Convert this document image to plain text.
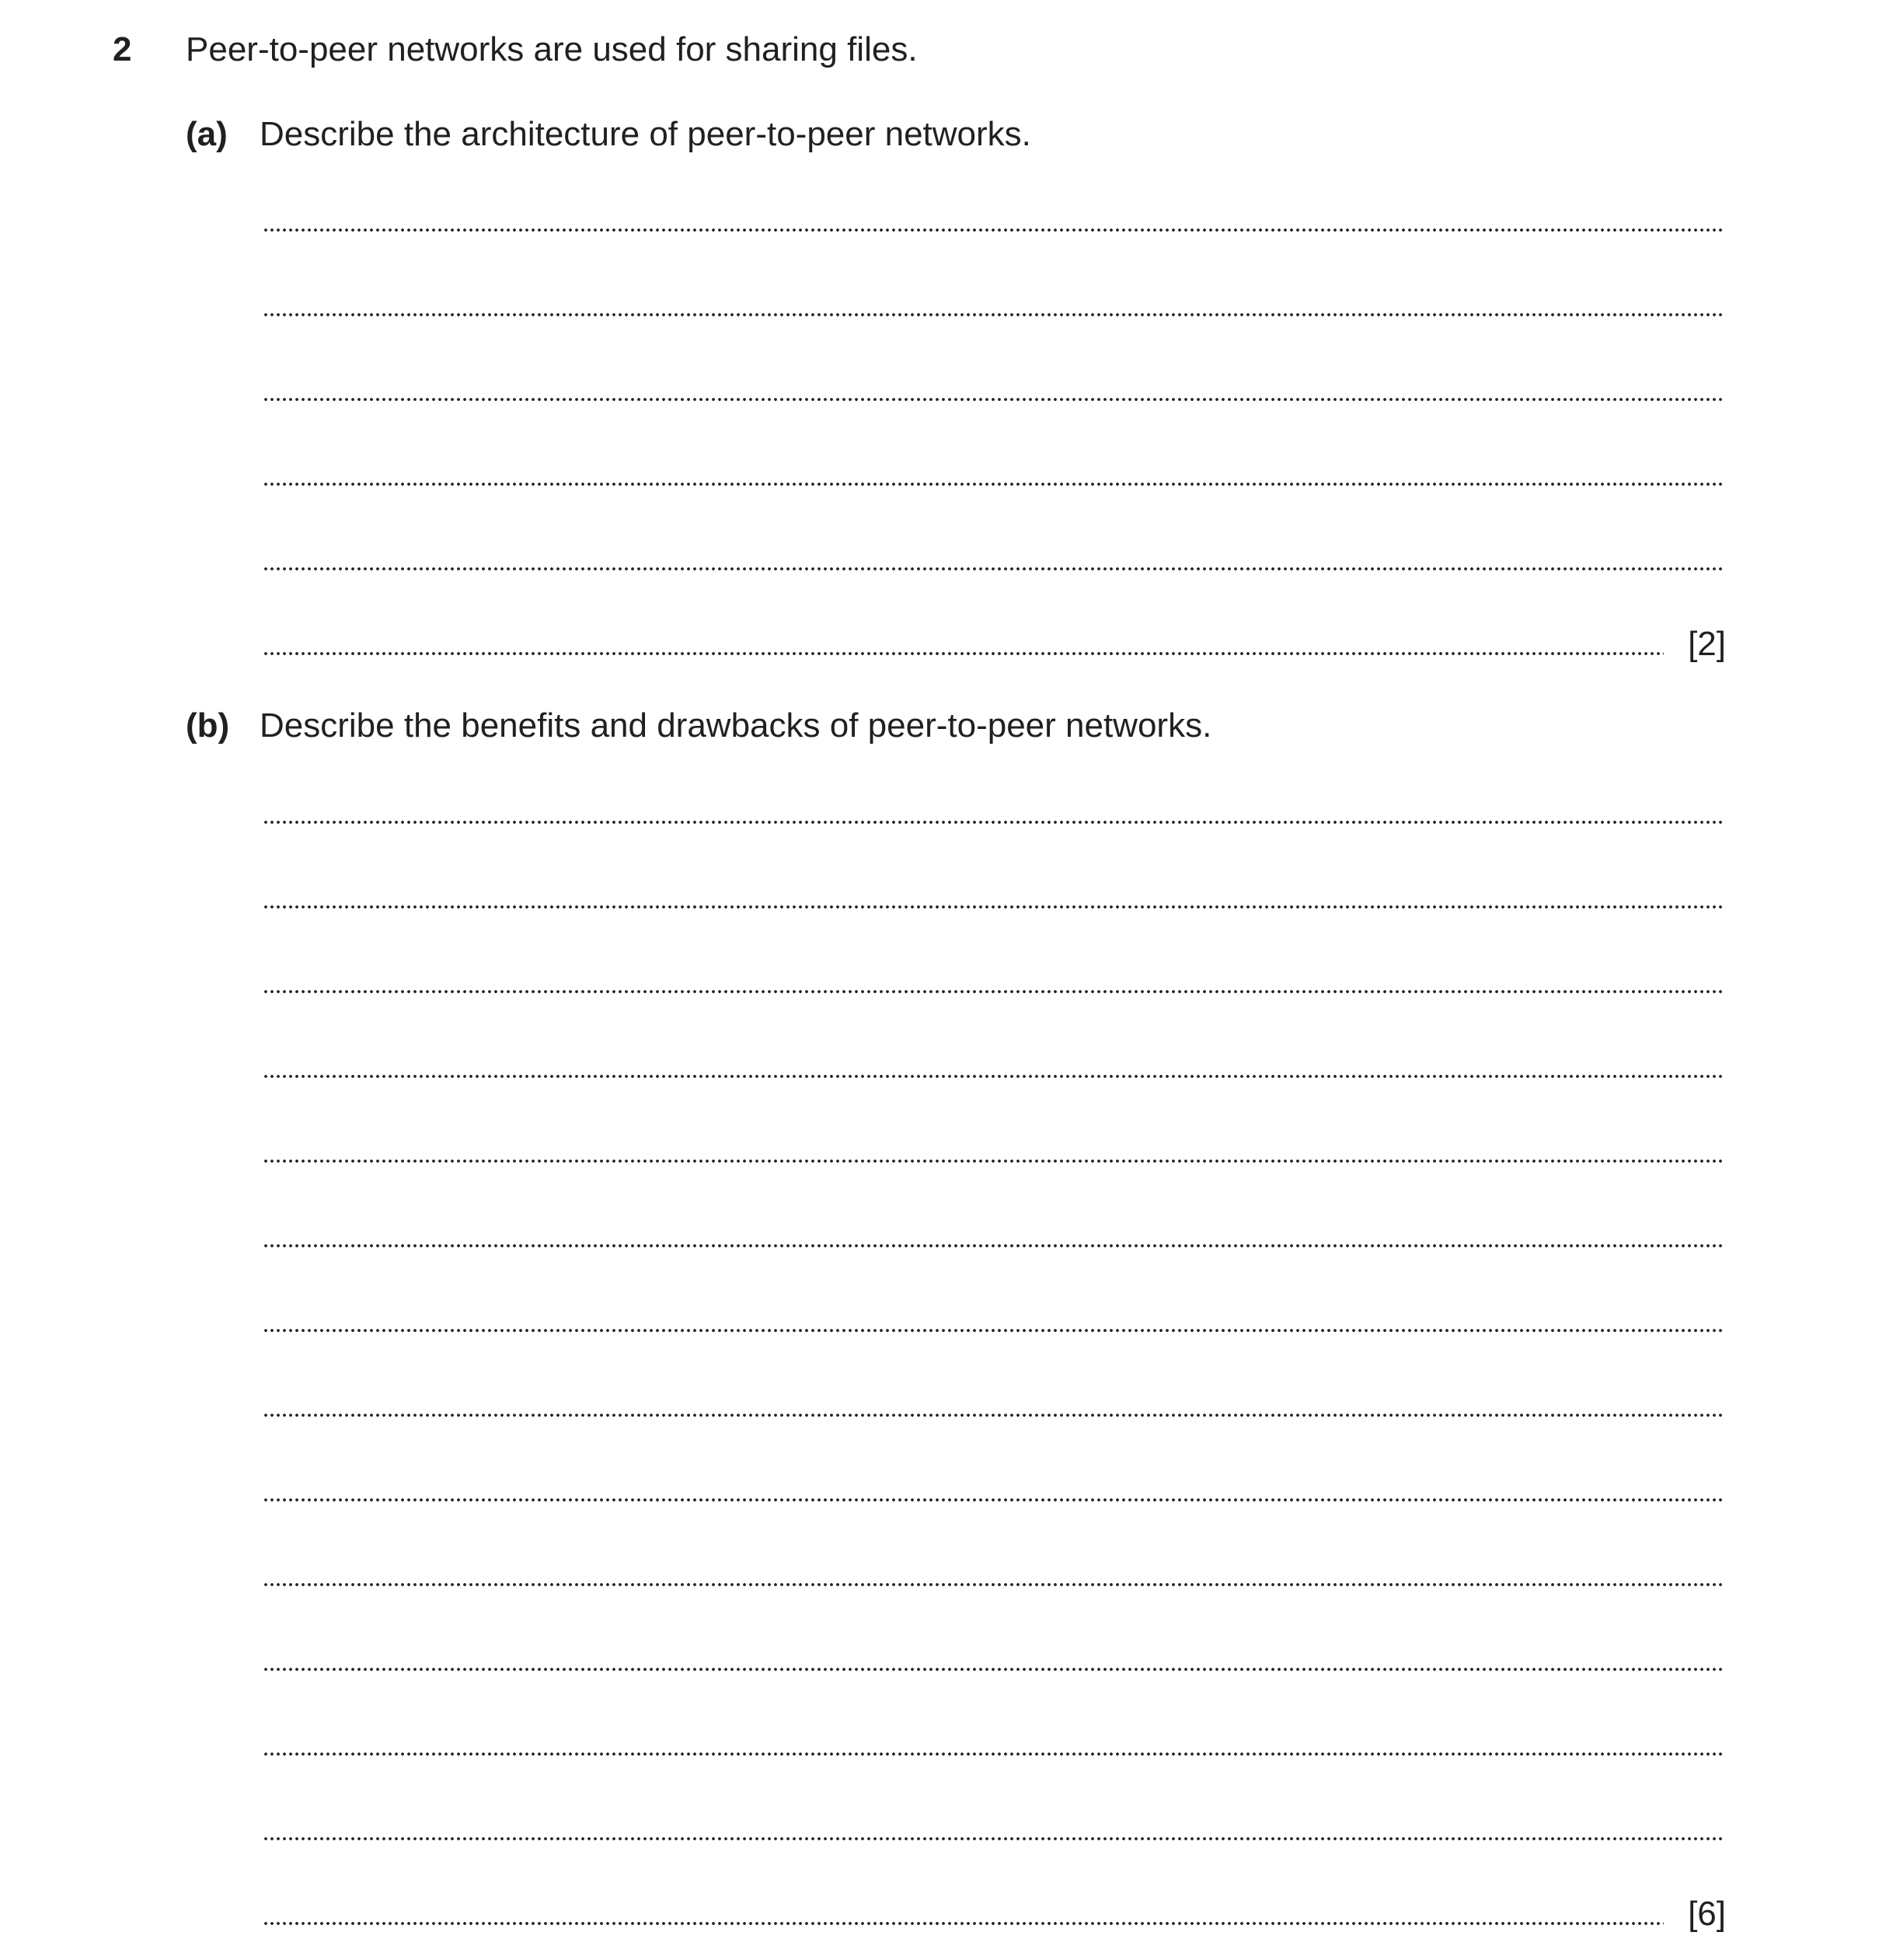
2 Peer-to-peer networks are used for sharing files.
(a) Describe the architecture of peer-to-peer networks.
[2]
(b) Describe the benefits and drawbacks of peer-to-peer networks.
[6]
